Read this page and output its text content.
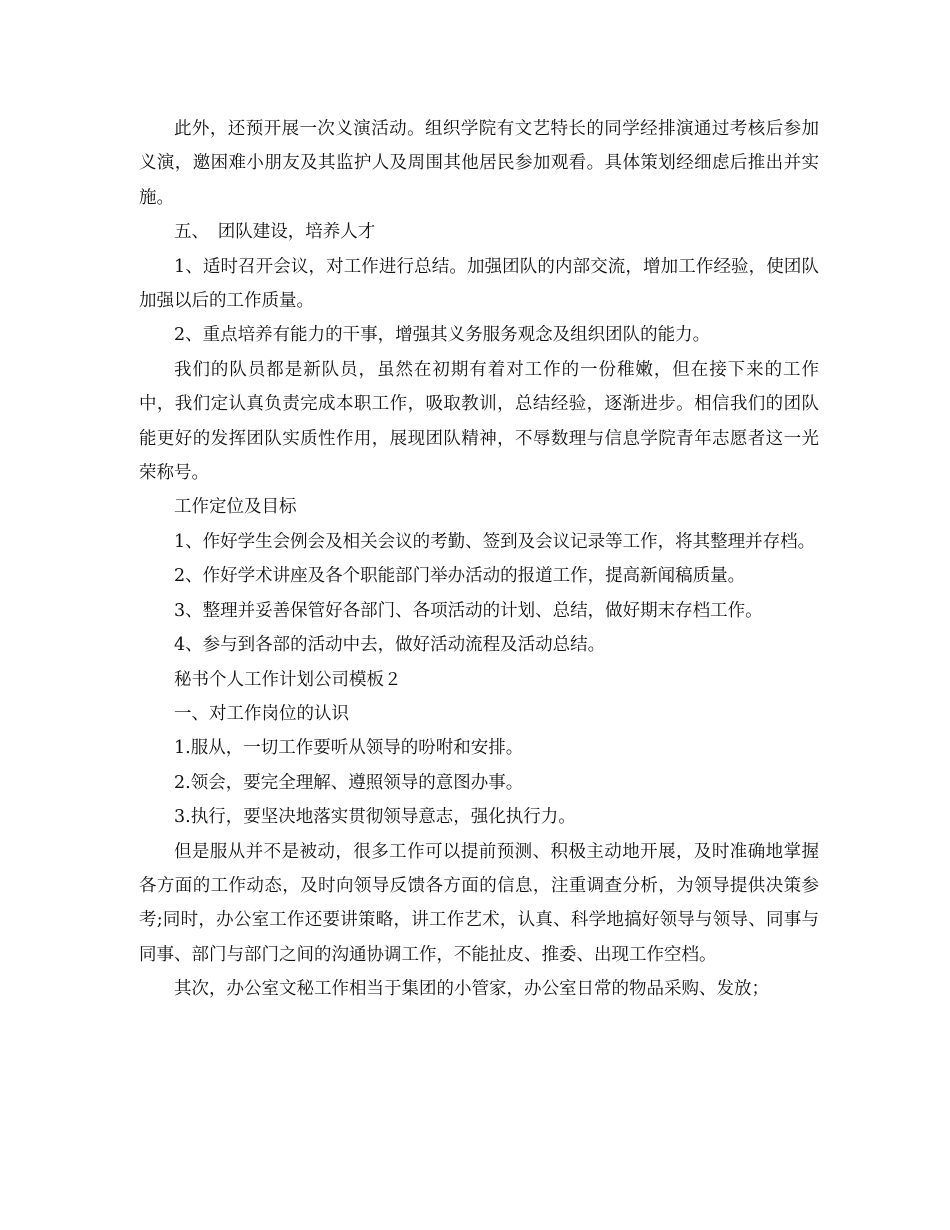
此外，还预开展一次义演活动。组织学院有文艺特长的同学经排演通过考核后参加义演，邀困难小朋友及其监护人及周围其他居民参加观看。具体策划经细虑后推出并实施。

五、　团队建设，培养人才

1、适时召开会议，对工作进行总结。加强团队的内部交流，增加工作经验，使团队加强以后的工作质量。

2、重点培养有能力的干事，增强其义务服务观念及组织团队的能力。

我们的队员都是新队员，虽然在初期有着对工作的一份稚嫩，但在接下来的工作中，我们定认真负责完成本职工作，吸取教训，总结经验，逐渐进步。相信我们的团队能更好的发挥团队实质性作用，展现团队精神，不辱数理与信息学院青年志愿者这一光荣称号。

工作定位及目标

1、作好学生会例会及相关会议的考勤、签到及会议记录等工作，将其整理并存档。

2、作好学术讲座及各个职能部门举办活动的报道工作，提高新闻稿质量。

3、整理并妥善保管好各部门、各项活动的计划、总结，做好期末存档工作。

4、参与到各部的活动中去，做好活动流程及活动总结。

秘书个人工作计划公司模板２

一、对工作岗位的认识

1.服从，一切工作要听从领导的吩咐和安排。

2.领会，要完全理解、遵照领导的意图办事。

3.执行，要坚决地落实贯彻领导意志，强化执行力。

但是服从并不是被动，很多工作可以提前预测、积极主动地开展，及时准确地掌握各方面的工作动态，及时向领导反馈各方面的信息，注重调查分析，为领导提供决策参考;同时，办公室工作还要讲策略，讲工作艺术，认真、科学地搞好领导与领导、同事与同事、部门与部门之间的沟通协调工作，不能扯皮、推委、出现工作空档。

其次，办公室文秘工作相当于集团的小管家，办公室日常的物品采购、发放；
